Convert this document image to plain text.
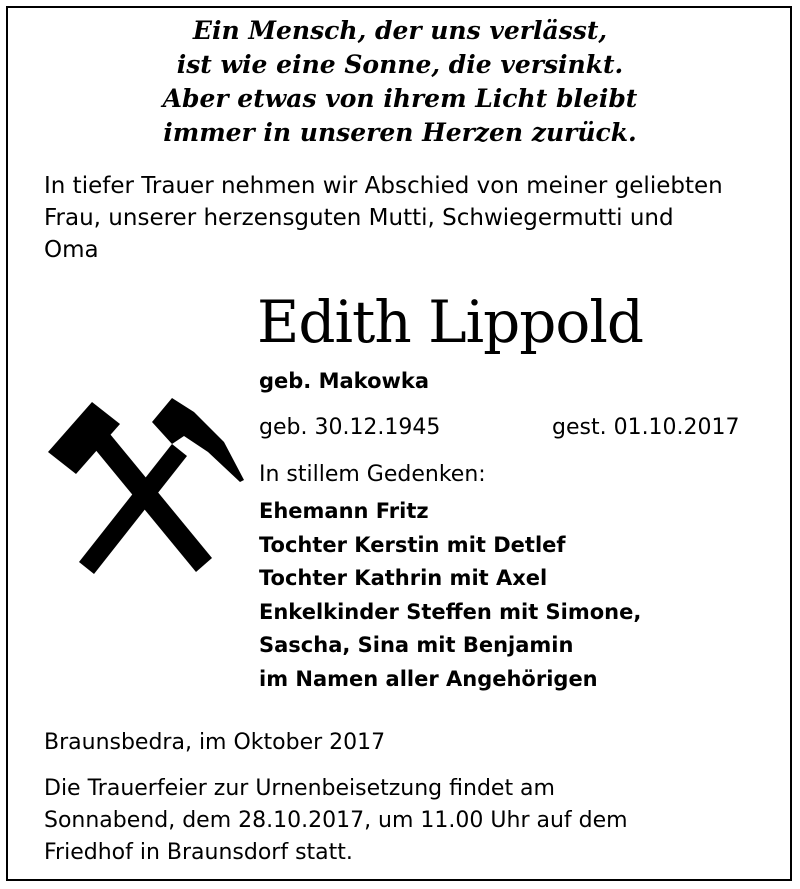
Ein Mensch, der uns verlässt,
ist wie eine Sonne, die versinkt.
Aber etwas von ihrem Licht bleibt
immer in unseren Herzen zurück.
In tiefer Trauer nehmen wir Abschied von meiner geliebten
Frau, unserer herzensguten Mutti, Schwiegermutti und
Oma
Edith Lippold
geb. Makowka
geb. 30.12.1945	gest. 01.10.2017
In stillem Gedenken:
Ehemann Fritz
Tochter Kerstin mit Detlef
Tochter Kathrin mit Axel
Enkelkinder Steffen mit Simone,
Sascha, Sina mit Benjamin
im Namen aller Angehörigen
Braunsbedra, im Oktober 2017
Die Trauerfeier zur Urnenbeisetzung findet am
Sonnabend, dem 28.10.2017, um 11.00 Uhr auf dem
Friedhof in Braunsdorf statt.
